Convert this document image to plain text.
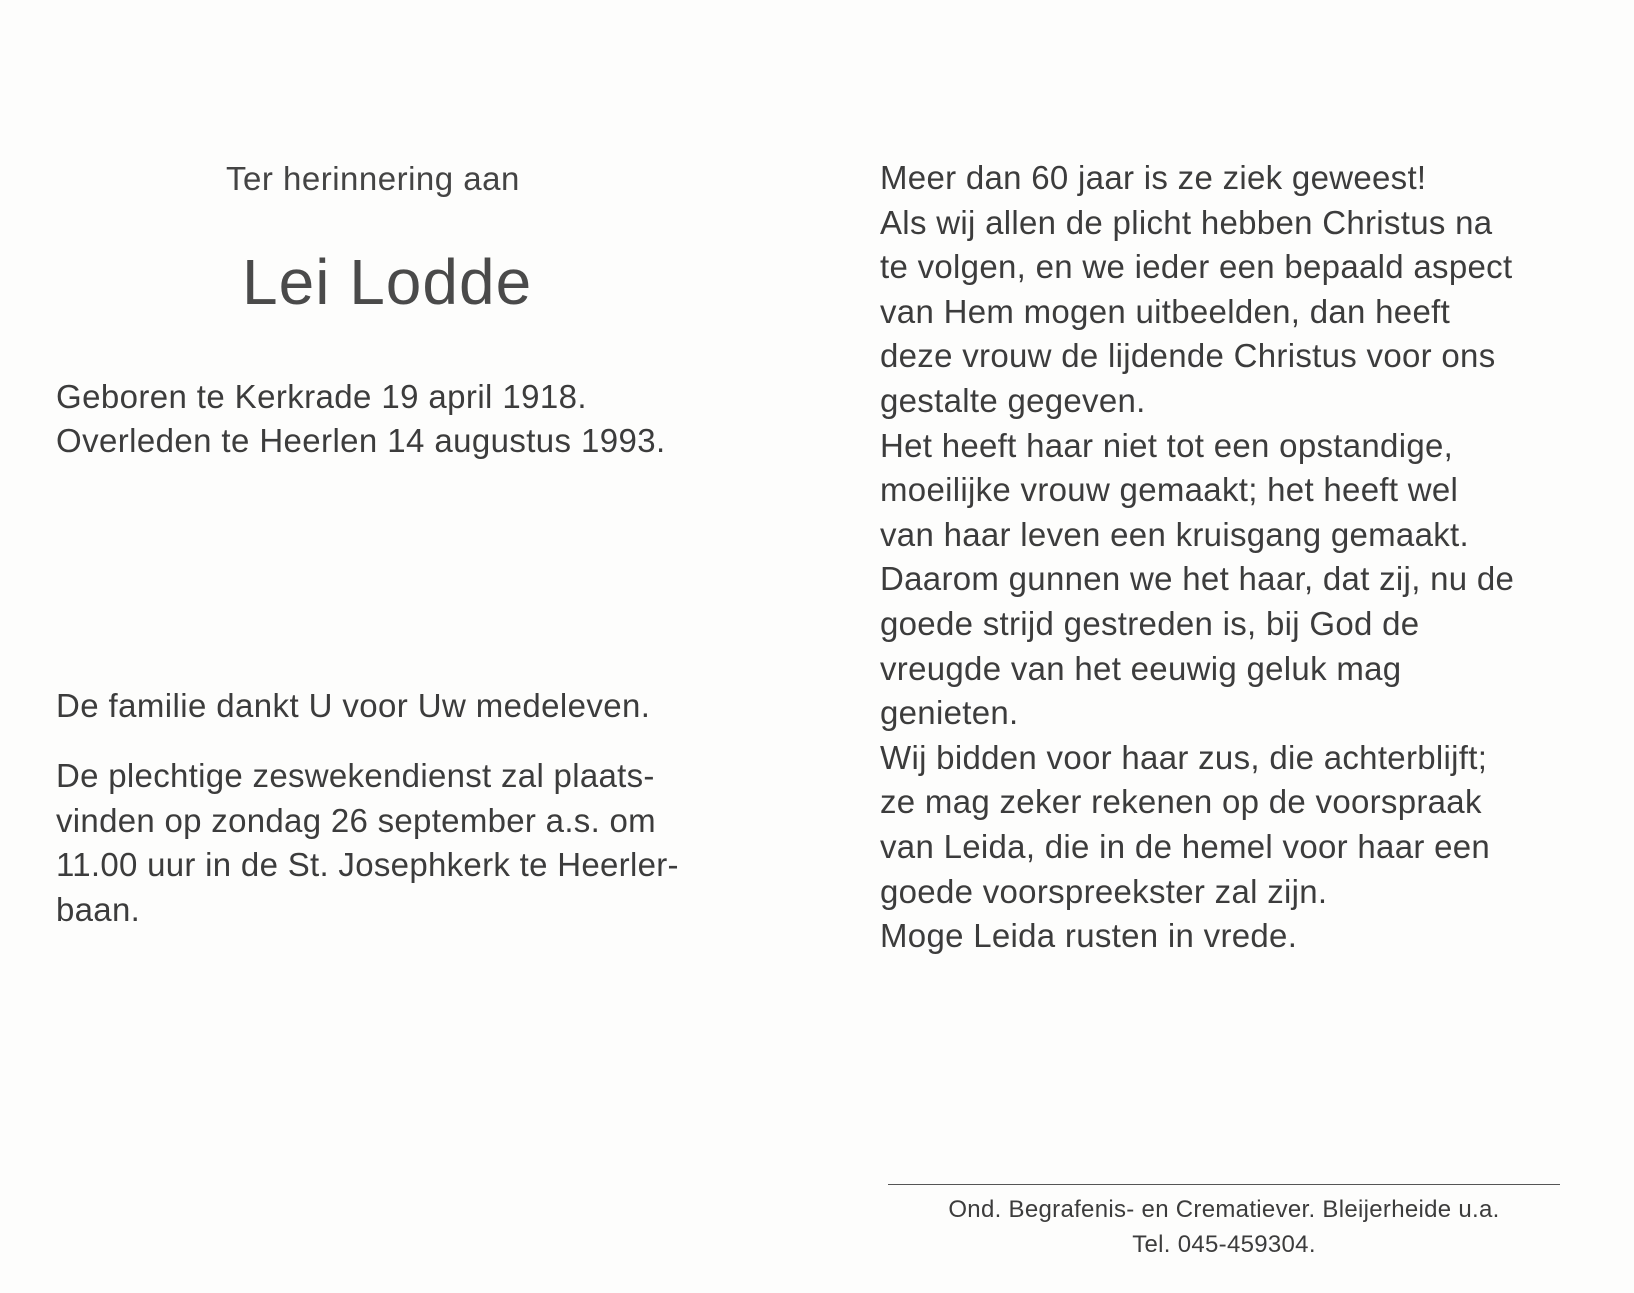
Ter herinnering aan
Lei Lodde
Geboren te Kerkrade 19 april 1918.
Overleden te Heerlen 14 augustus 1993.
De familie dankt U voor Uw medeleven.
De plechtige zeswekendienst zal plaats-
vinden op zondag 26 september a.s. om
11.00 uur in de St. Josephkerk te Heerler-
baan.
Meer dan 60 jaar is ze ziek geweest!
Als wij allen de plicht hebben Christus na
te volgen, en we ieder een bepaald aspect
van Hem mogen uitbeelden, dan heeft
deze vrouw de lijdende Christus voor ons
gestalte gegeven.
Het heeft haar niet tot een opstandige,
moeilijke vrouw gemaakt; het heeft wel
van haar leven een kruisgang gemaakt.
Daarom gunnen we het haar, dat zij, nu de
goede strijd gestreden is, bij God de
vreugde van het eeuwig geluk mag
genieten.
Wij bidden voor haar zus, die achterblijft;
ze mag zeker rekenen op de voorspraak
van Leida, die in de hemel voor haar een
goede voorspreekster zal zijn.
Moge Leida rusten in vrede.
Ond. Begrafenis- en Crematiever. Bleijerheide u.a.
Tel. 045-459304.
